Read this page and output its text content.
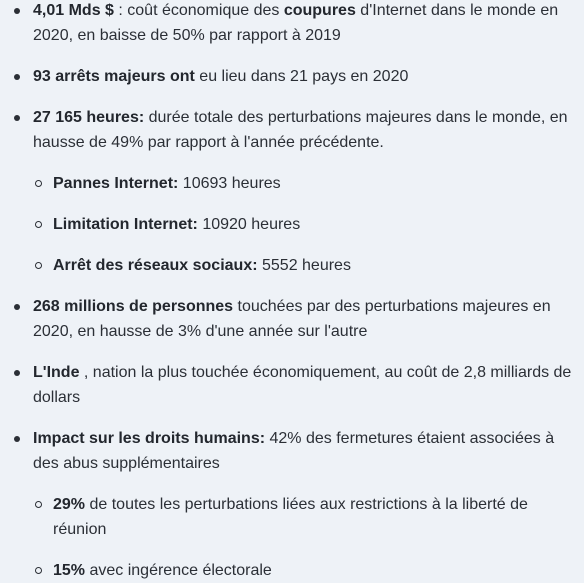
4,01 Mds $ : coût économique des coupures d'Internet dans le monde en 2020, en baisse de 50% par rapport à 2019
93 arrêts majeurs ont eu lieu dans 21 pays en 2020
27 165 heures: durée totale des perturbations majeures dans le monde, en hausse de 49% par rapport à l'année précédente.
Pannes Internet: 10693 heures
Limitation Internet: 10920 heures
Arrêt des réseaux sociaux: 5552 heures
268 millions de personnes touchées par des perturbations majeures en 2020, en hausse de 3% d'une année sur l'autre
L'Inde , nation la plus touchée économiquement, au coût de 2,8 milliards de dollars
Impact sur les droits humains: 42% des fermetures étaient associées à des abus supplémentaires
29% de toutes les perturbations liées aux restrictions à la liberté de réunion
15% avec ingérence électorale
